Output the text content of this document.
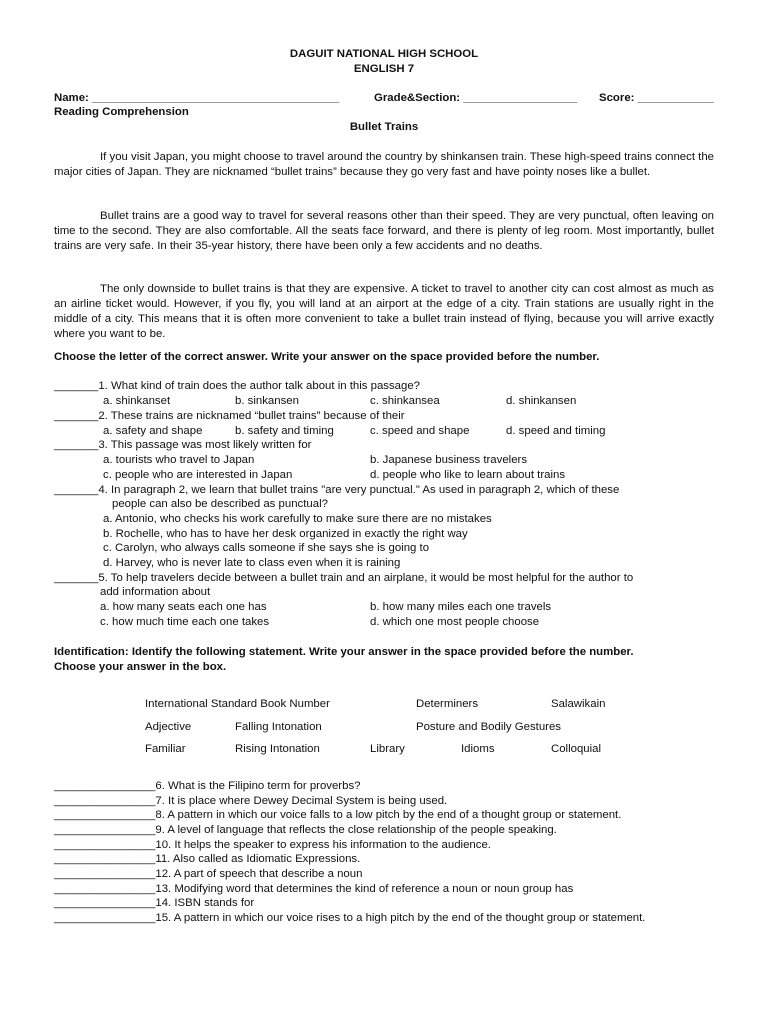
DAGUIT NATIONAL HIGH SCHOOL
ENGLISH 7
Name: _______________________________________	Grade&Section: __________________ Score: ____________
Reading Comprehension
Bullet Trains

If you visit Japan, you might choose to travel around the country by shinkansen train. These high-speed trains connect the major cities of Japan. They are nicknamed “bullet trains” because they go very fast and have pointy noses like a bullet.

Bullet trains are a good way to travel for several reasons other than their speed. They are very punctual, often leaving on time to the second. They are also comfortable. All the seats face forward, and there is plenty of leg room. Most importantly, bullet trains are very safe. In their 35-year history, there have been only a few accidents and no deaths.

The only downside to bullet trains is that they are expensive. A ticket to travel to another city can cost almost as much as an airline ticket would. However, if you fly, you will land at an airport at the edge of a city. Train stations are usually right in the middle of a city. This means that it is often more convenient to take a bullet train instead of flying, because you will arrive exactly where you want to be.

Choose the letter of the correct answer. Write your answer on the space provided before the number.
_______1. What kind of train does the author talk about in this passage?
a. shinkanset	b. sinkansen	c. shinkansea	d. shinkansen
_______2. These trains are nicknamed “bullet trains” because of their
a. safety and shape	b. safety and timing	c. speed and shape	d. speed and timing
_______3. This passage was most likely written for
a. tourists who travel to Japan	b. Japanese business travelers
c. people who are interested in Japan	d. people who like to learn about trains
_______4. In paragraph 2, we learn that bullet trains "are very punctual." As used in paragraph 2, which of these
people can also be described as punctual?
a. Antonio, who checks his work carefully to make sure there are no mistakes
b. Rochelle, who has to have her desk organized in exactly the right way
c. Carolyn, who always calls someone if she says she is going to
d. Harvey, who is never late to class even when it is raining
_______5. To help travelers decide between a bullet train and an airplane, it would be most helpful for the author to
add information about
a. how many seats each one has	b. how many miles each one travels
c. how much time each one takes	d. which one most people choose
Identification: Identify the following statement. Write your answer in the space provided before the number.
Choose your answer in the box.
International Standard Book Number	Determiners	Salawikain
Adjective	Falling Intonation	Posture and Bodily Gestures
Familiar	Rising Intonation	Library	Idioms	Colloquial
________________6. What is the Filipino term for proverbs?
________________7. It is place where Dewey Decimal System is being used.
________________8. A pattern in which our voice falls to a low pitch by the end of a thought group or statement.
________________9. A level of language that reflects the close relationship of the people speaking.
________________10. It helps the speaker to express his information to the audience.
________________11. Also called as Idiomatic Expressions.
________________12. A part of speech that describe a noun
________________13. Modifying word that determines the kind of reference a noun or noun group has
________________14. ISBN stands for
________________15. A pattern in which our voice rises to a high pitch by the end of the thought group or statement.
